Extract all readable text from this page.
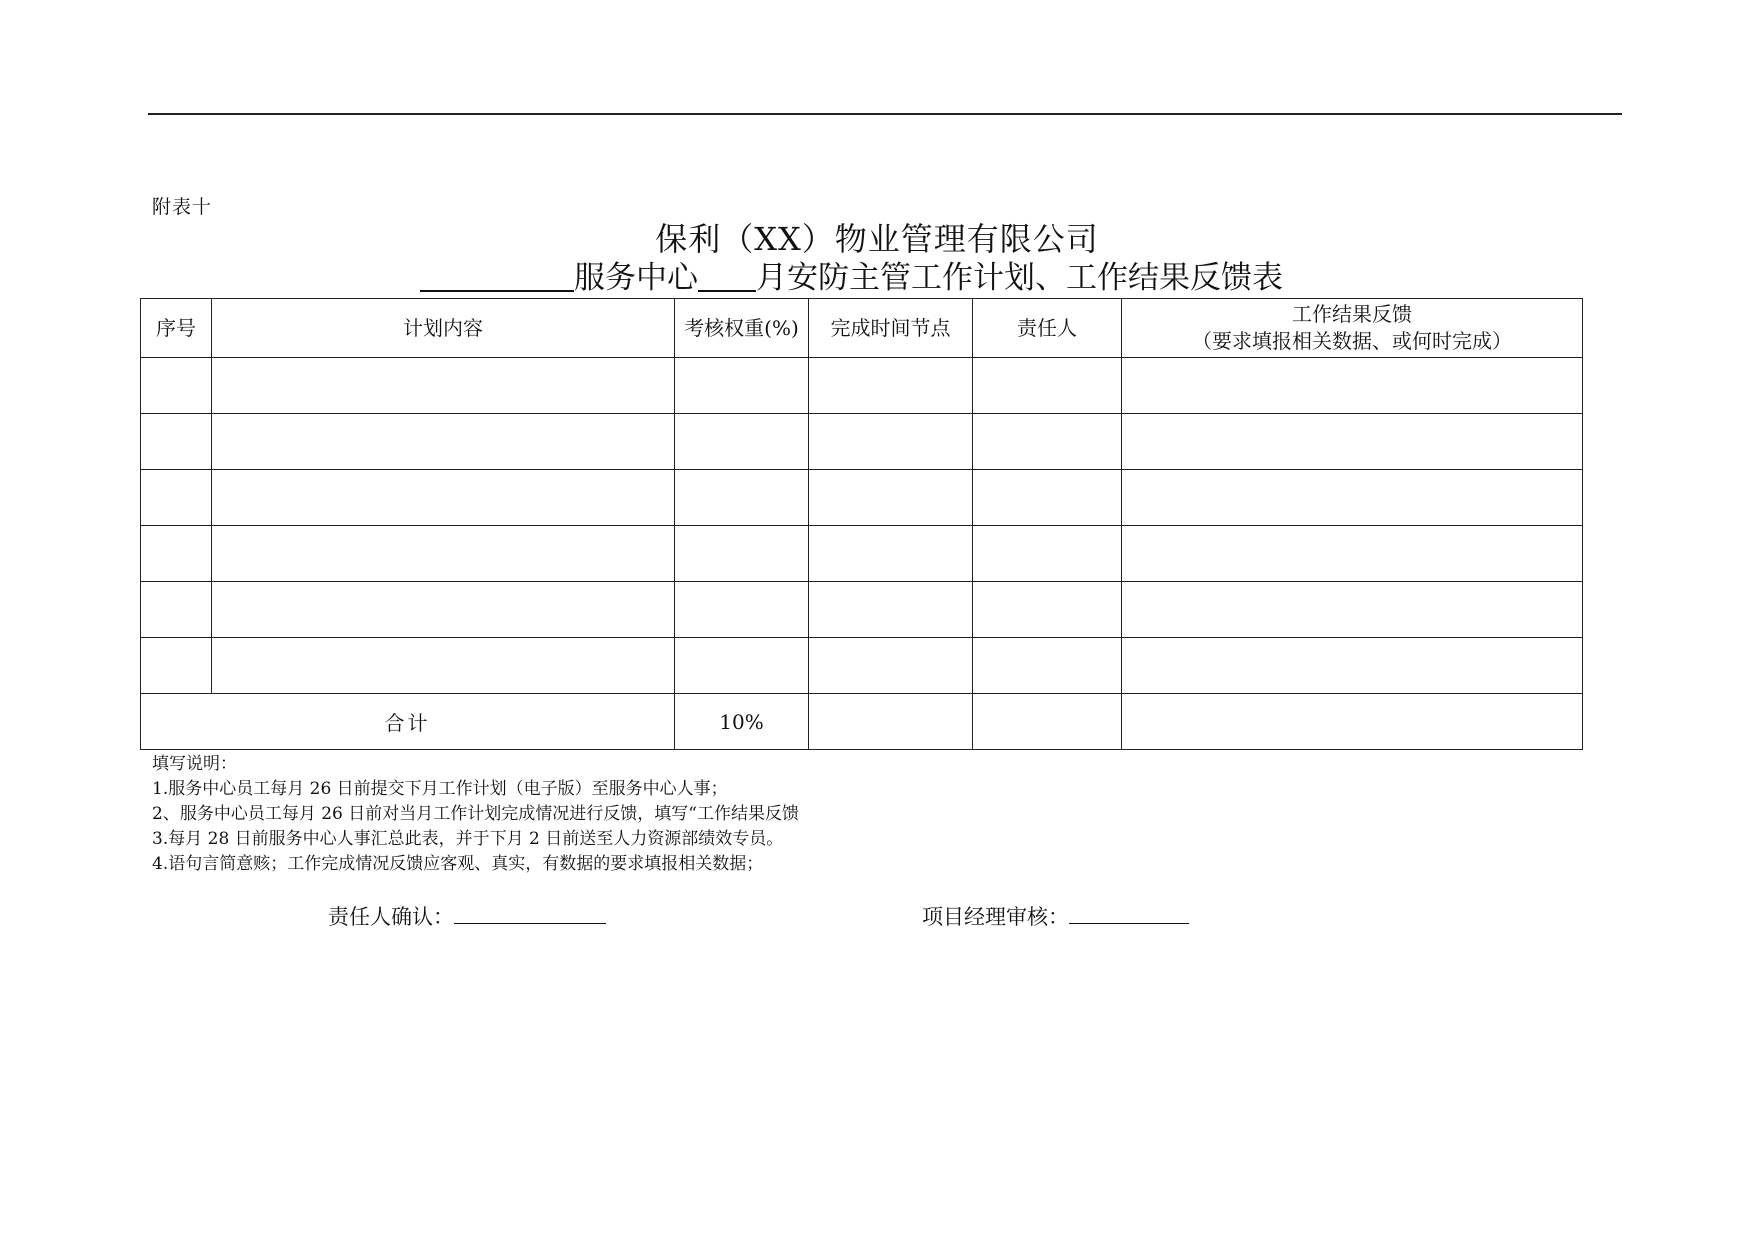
附表十
保利（XX）物业管理有限公司
服务中心 月安防主管工作计划、工作结果反馈表
序号	计划内容	考核权重(%)	完成时间节点	责任人	工作结果反馈
（要求填报相关数据、或何时完成）

合计		10%			
填写说明：
1.服务中心员工每月 26 日前提交下月工作计划（电子版）至服务中心人事；
2、服务中心员工每月 26 日前对当月工作计划完成情况进行反馈，填写“工作结果反馈
3.每月 28 日前服务中心人事汇总此表，并于下月 2 日前送至人力资源部绩效专员。
4.语句言简意赅；工作完成情况反馈应客观、真实，有数据的要求填报相关数据；
责任人确认：	项目经理审核：
